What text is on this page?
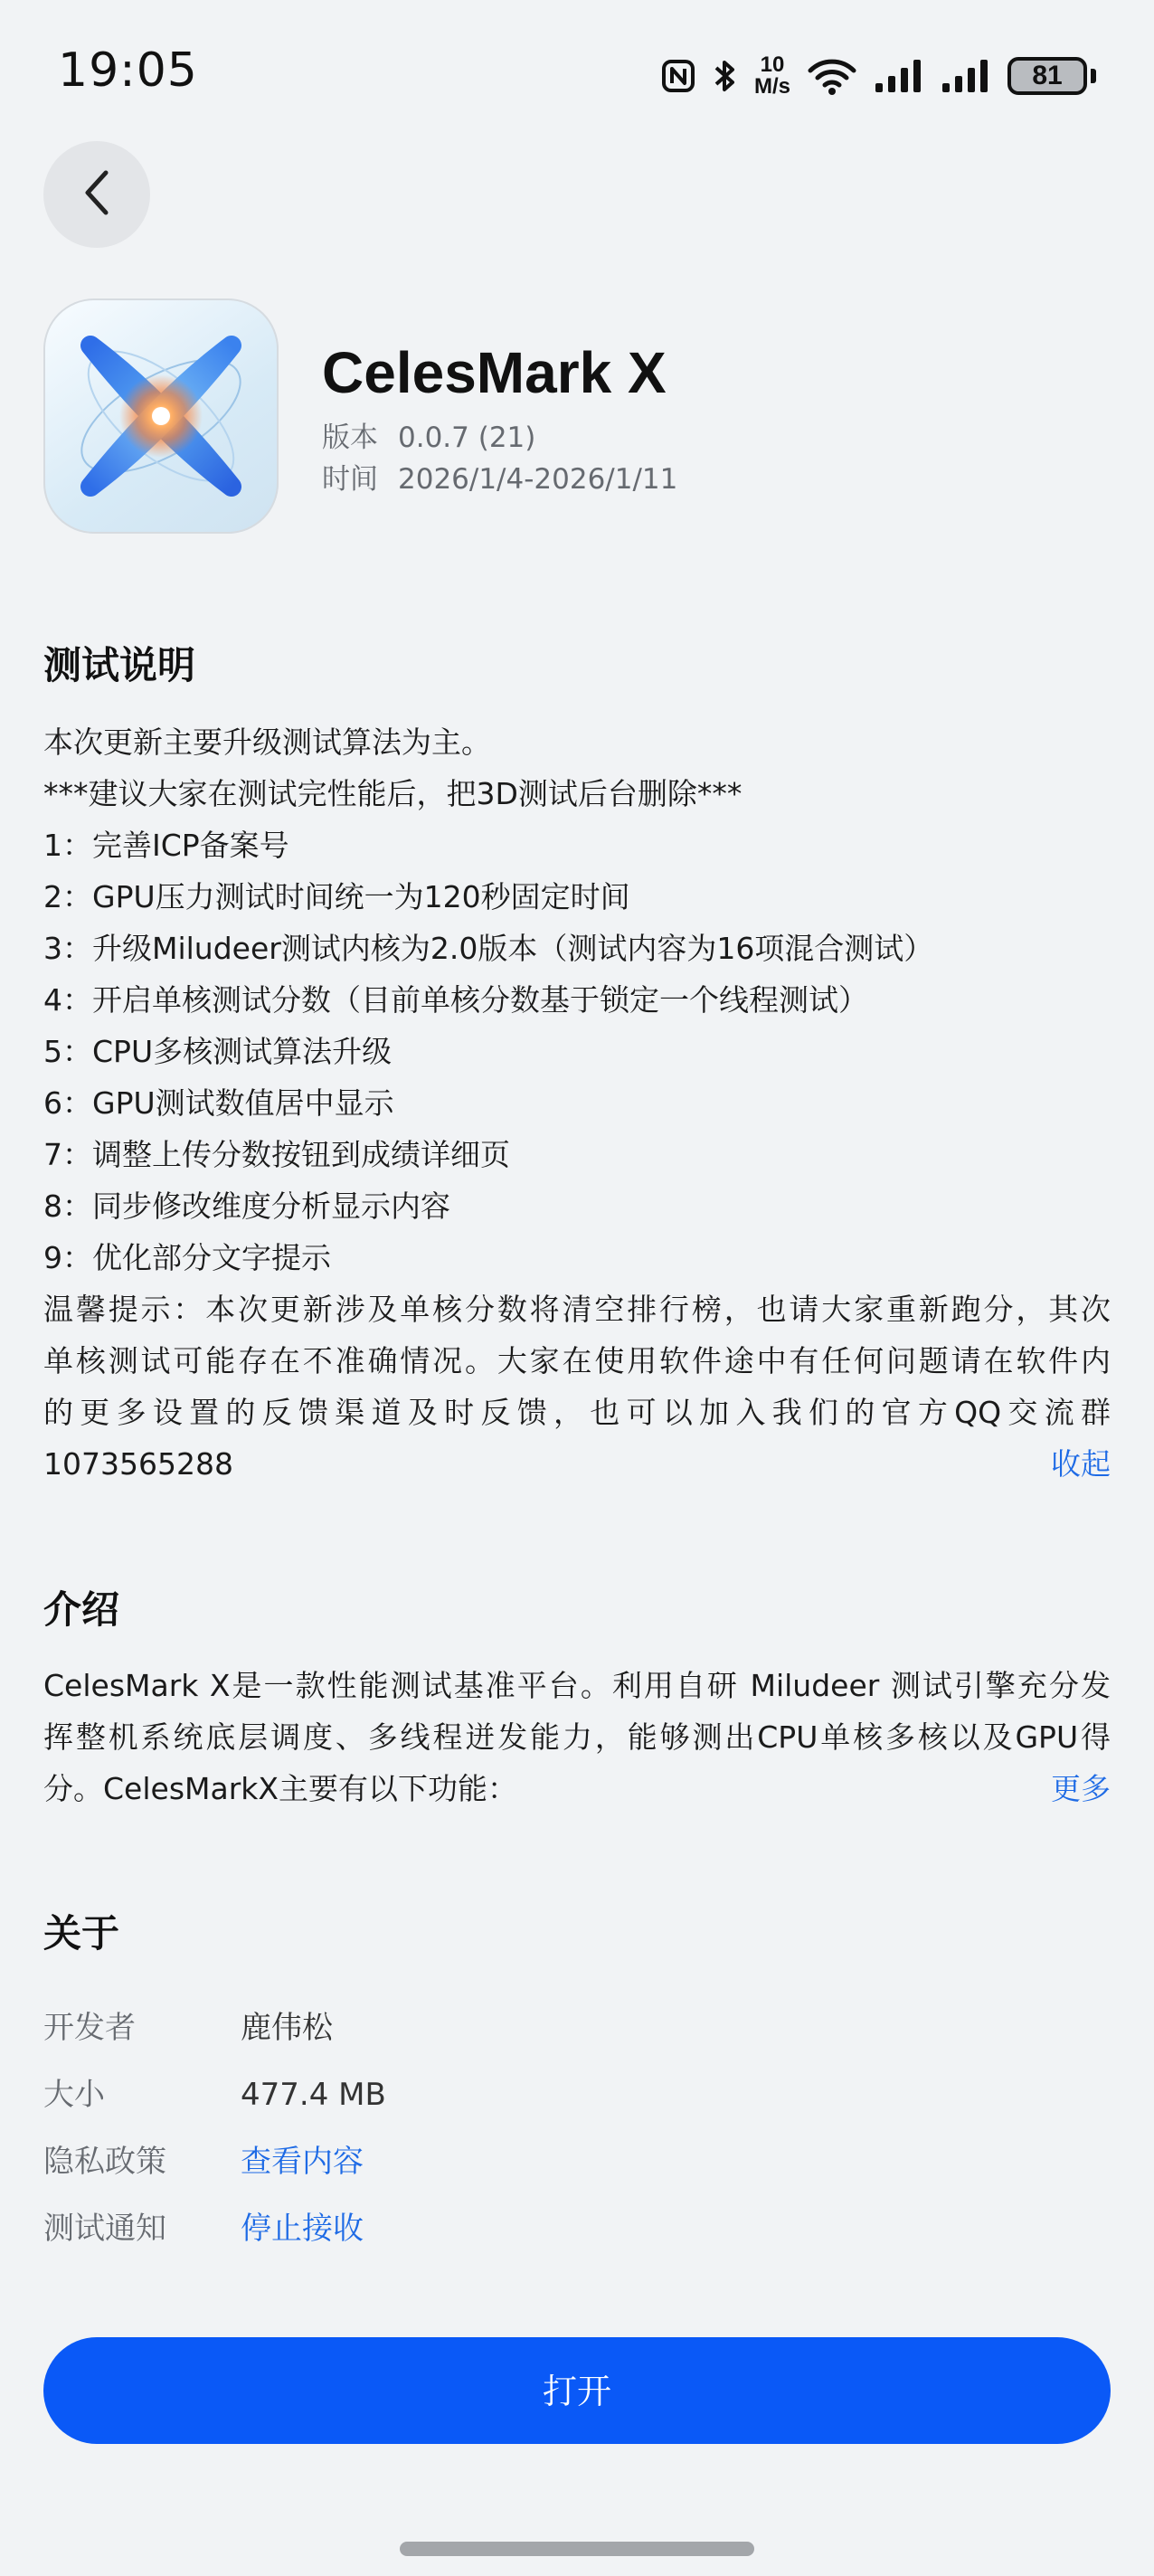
19:05	10
M/s	81
CelesMark X
版本 0.0.7 (21)
时间 2026/1/4-2026/1/11
测试说明
本次更新主要升级测试算法为主。
***建议大家在测试完性能后，把3D测试后台删除***
1：完善ICP备案号
2：GPU压力测试时间统一为120秒固定时间
3：升级Miludeer测试内核为2.0版本（测试内容为16项混合测试）
4：开启单核测试分数（目前单核分数基于锁定一个线程测试）
5：CPU多核测试算法升级
6：GPU测试数值居中显示
7：调整上传分数按钮到成绩详细页
8：同步修改维度分析显示内容
9：优化部分文字提示
温馨提示：本次更新涉及单核分数将清空排行榜，也请大家重新跑分，其次
单核测试可能存在不准确情况。大家在使用软件途中有任何问题请在软件内
的更多设置的反馈渠道及时反馈，也可以加入我们的官方QQ交流群
1073565288	收起
介绍
CelesMark X是一款性能测试基准平台。利用自研 Miludeer 测试引擎充分发
挥整机系统底层调度、多线程迸发能力，能够测出CPU单核多核以及GPU得
分。CelesMarkX主要有以下功能：	更多
关于
开发者	鹿伟松
大小	477.4 MB
隐私政策 查看内容
测试通知 停止接收
打开
